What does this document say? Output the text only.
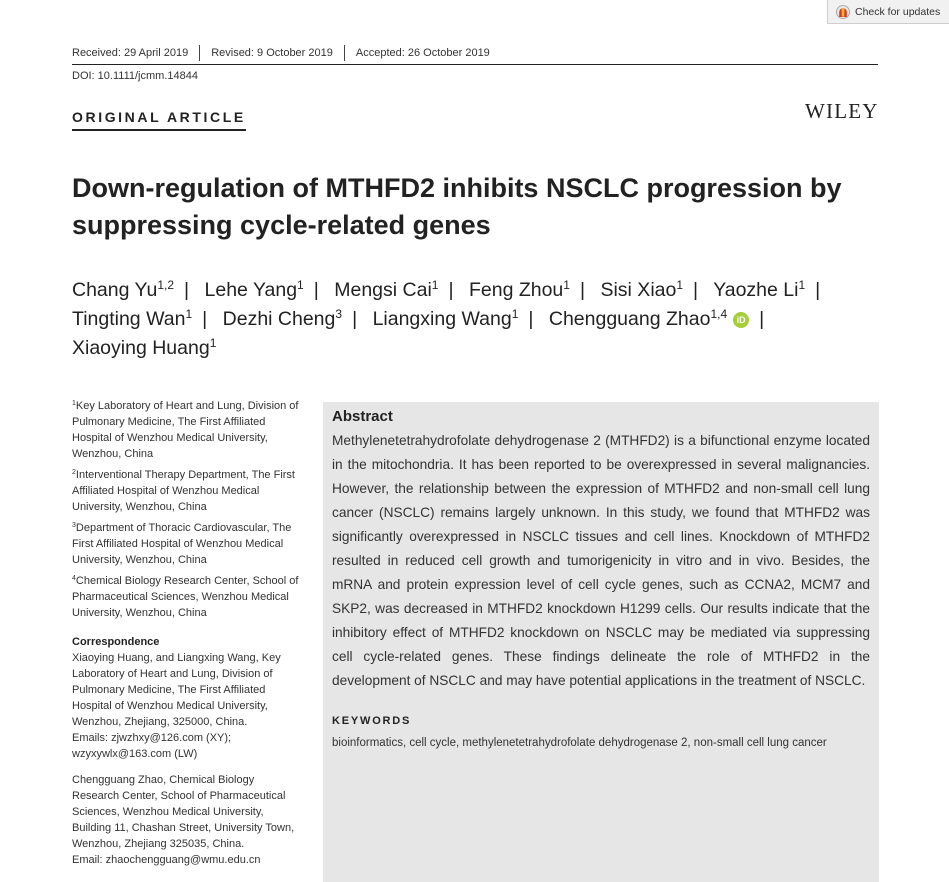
Check for updates
Received: 29 April 2019 Revised: 9 October 2019 Accepted: 26 October 2019
DOI: 10.1111/jcmm.14844
ORIGINAL ARTICLE	WILEY
Down-regulation of MTHFD2 inhibits NSCLC progression by suppressing cycle-related genes
Chang Yu$^{1,2}$ | Lehe Yang$^1$ | Mengsi Cai$^1$ | Feng Zhou$^1$ | Sisi Xiao$^1$ | Yaozhe Li$^1$ | Tingting Wan$^1$ | Dezhi Cheng$^3$ | Liangxing Wang$^1$ | Chengguang Zhao$^{1,4}$ iD | Xiaoying Huang$^1$
$^1$Key Laboratory of Heart and Lung, Division of Pulmonary Medicine, The First Affiliated Hospital of Wenzhou Medical University, Wenzhou, China
$^2$Interventional Therapy Department, The First Affiliated Hospital of Wenzhou Medical University, Wenzhou, China
$^3$Department of Thoracic Cardiovascular, The First Affiliated Hospital of Wenzhou Medical University, Wenzhou, China
$^4$Chemical Biology Research Center, School of Pharmaceutical Sciences, Wenzhou Medical University, Wenzhou, China
Correspondence
Xiaoying Huang, and Liangxing Wang, Key Laboratory of Heart and Lung, Division of Pulmonary Medicine, The First Affiliated Hospital of Wenzhou Medical University, Wenzhou, Zhejiang, 325000, China.
Emails: zjwzhxy@126.com (XY);
wzyxywlx@163.com (LW)
Chengguang Zhao, Chemical Biology Research Center, School of Pharmaceutical Sciences, Wenzhou Medical University, Building 11, Chashan Street, University Town, Wenzhou, Zhejiang 325035, China.
Email: zhaochengguang@wmu.edu.cn
Abstract
Methylenetetrahydrofolate dehydrogenase 2 (MTHFD2) is a bifunctional enzyme located in the mitochondria. It has been reported to be overexpressed in several malignancies. However, the relationship between the expression of MTHFD2 and non-small cell lung cancer (NSCLC) remains largely unknown. In this study, we found that MTHFD2 was significantly overexpressed in NSCLC tissues and cell lines. Knockdown of MTHFD2 resulted in reduced cell growth and tumorigenicity in vitro and in vivo. Besides, the mRNA and protein expression level of cell cycle genes, such as CCNA2, MCM7 and SKP2, was decreased in MTHFD2 knockdown H1299 cells. Our results indicate that the inhibitory effect of MTHFD2 knockdown on NSCLC may be mediated via suppressing cell cycle-related genes. These findings delineate the role of MTHFD2 in the development of NSCLC and may have potential applications in the treatment of NSCLC.
KEYWORDS
bioinformatics, cell cycle, methylenetetrahydrofolate dehydrogenase 2, non-small cell lung cancer
